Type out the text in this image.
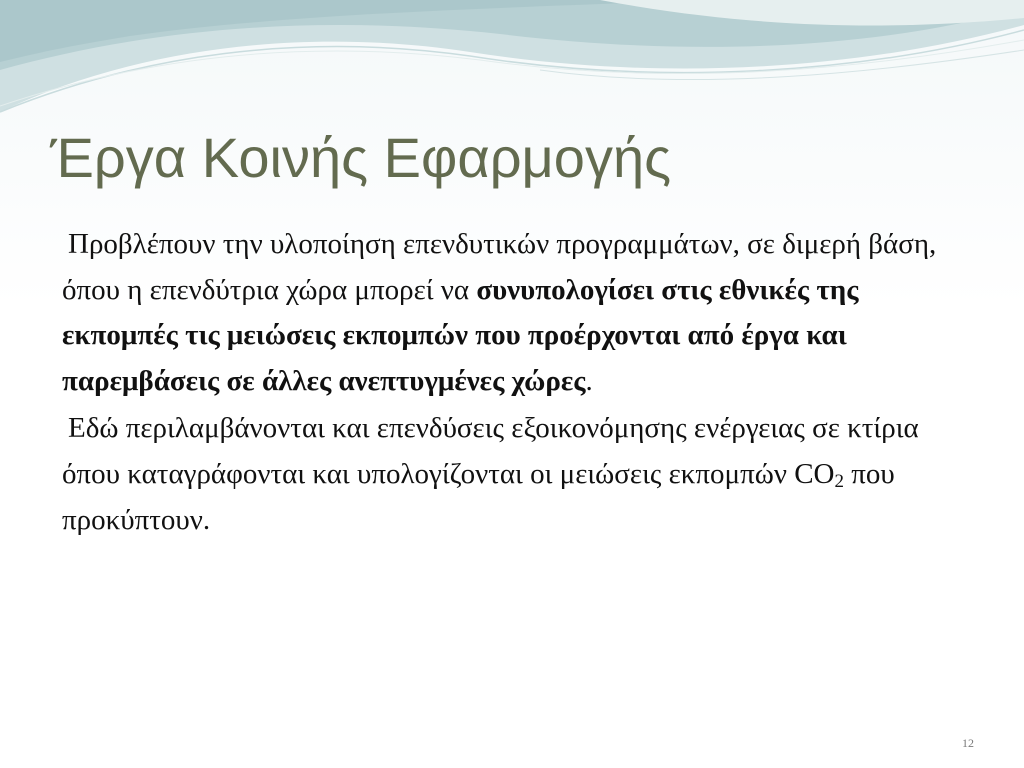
Έργα Κοινής Εφαρμογής

Προβλέπουν την υλοποίηση επενδυτικών προγραμμάτων, σε διμερή βάση, όπου η επενδύτρια χώρα μπορεί να συνυπολογίσει στις εθνικές της εκπομπές τις μειώσεις εκπομπών που προέρχονται από έργα και παρεμβάσεις σε άλλες ανεπτυγμένες χώρες.

Εδώ περιλαμβάνονται και επενδύσεις εξοικονόμησης ενέργειας σε κτίρια όπου καταγράφονται και υπολογίζονται οι μειώσεις εκπομπών $CO_2$ που προκύπτουν.

12
